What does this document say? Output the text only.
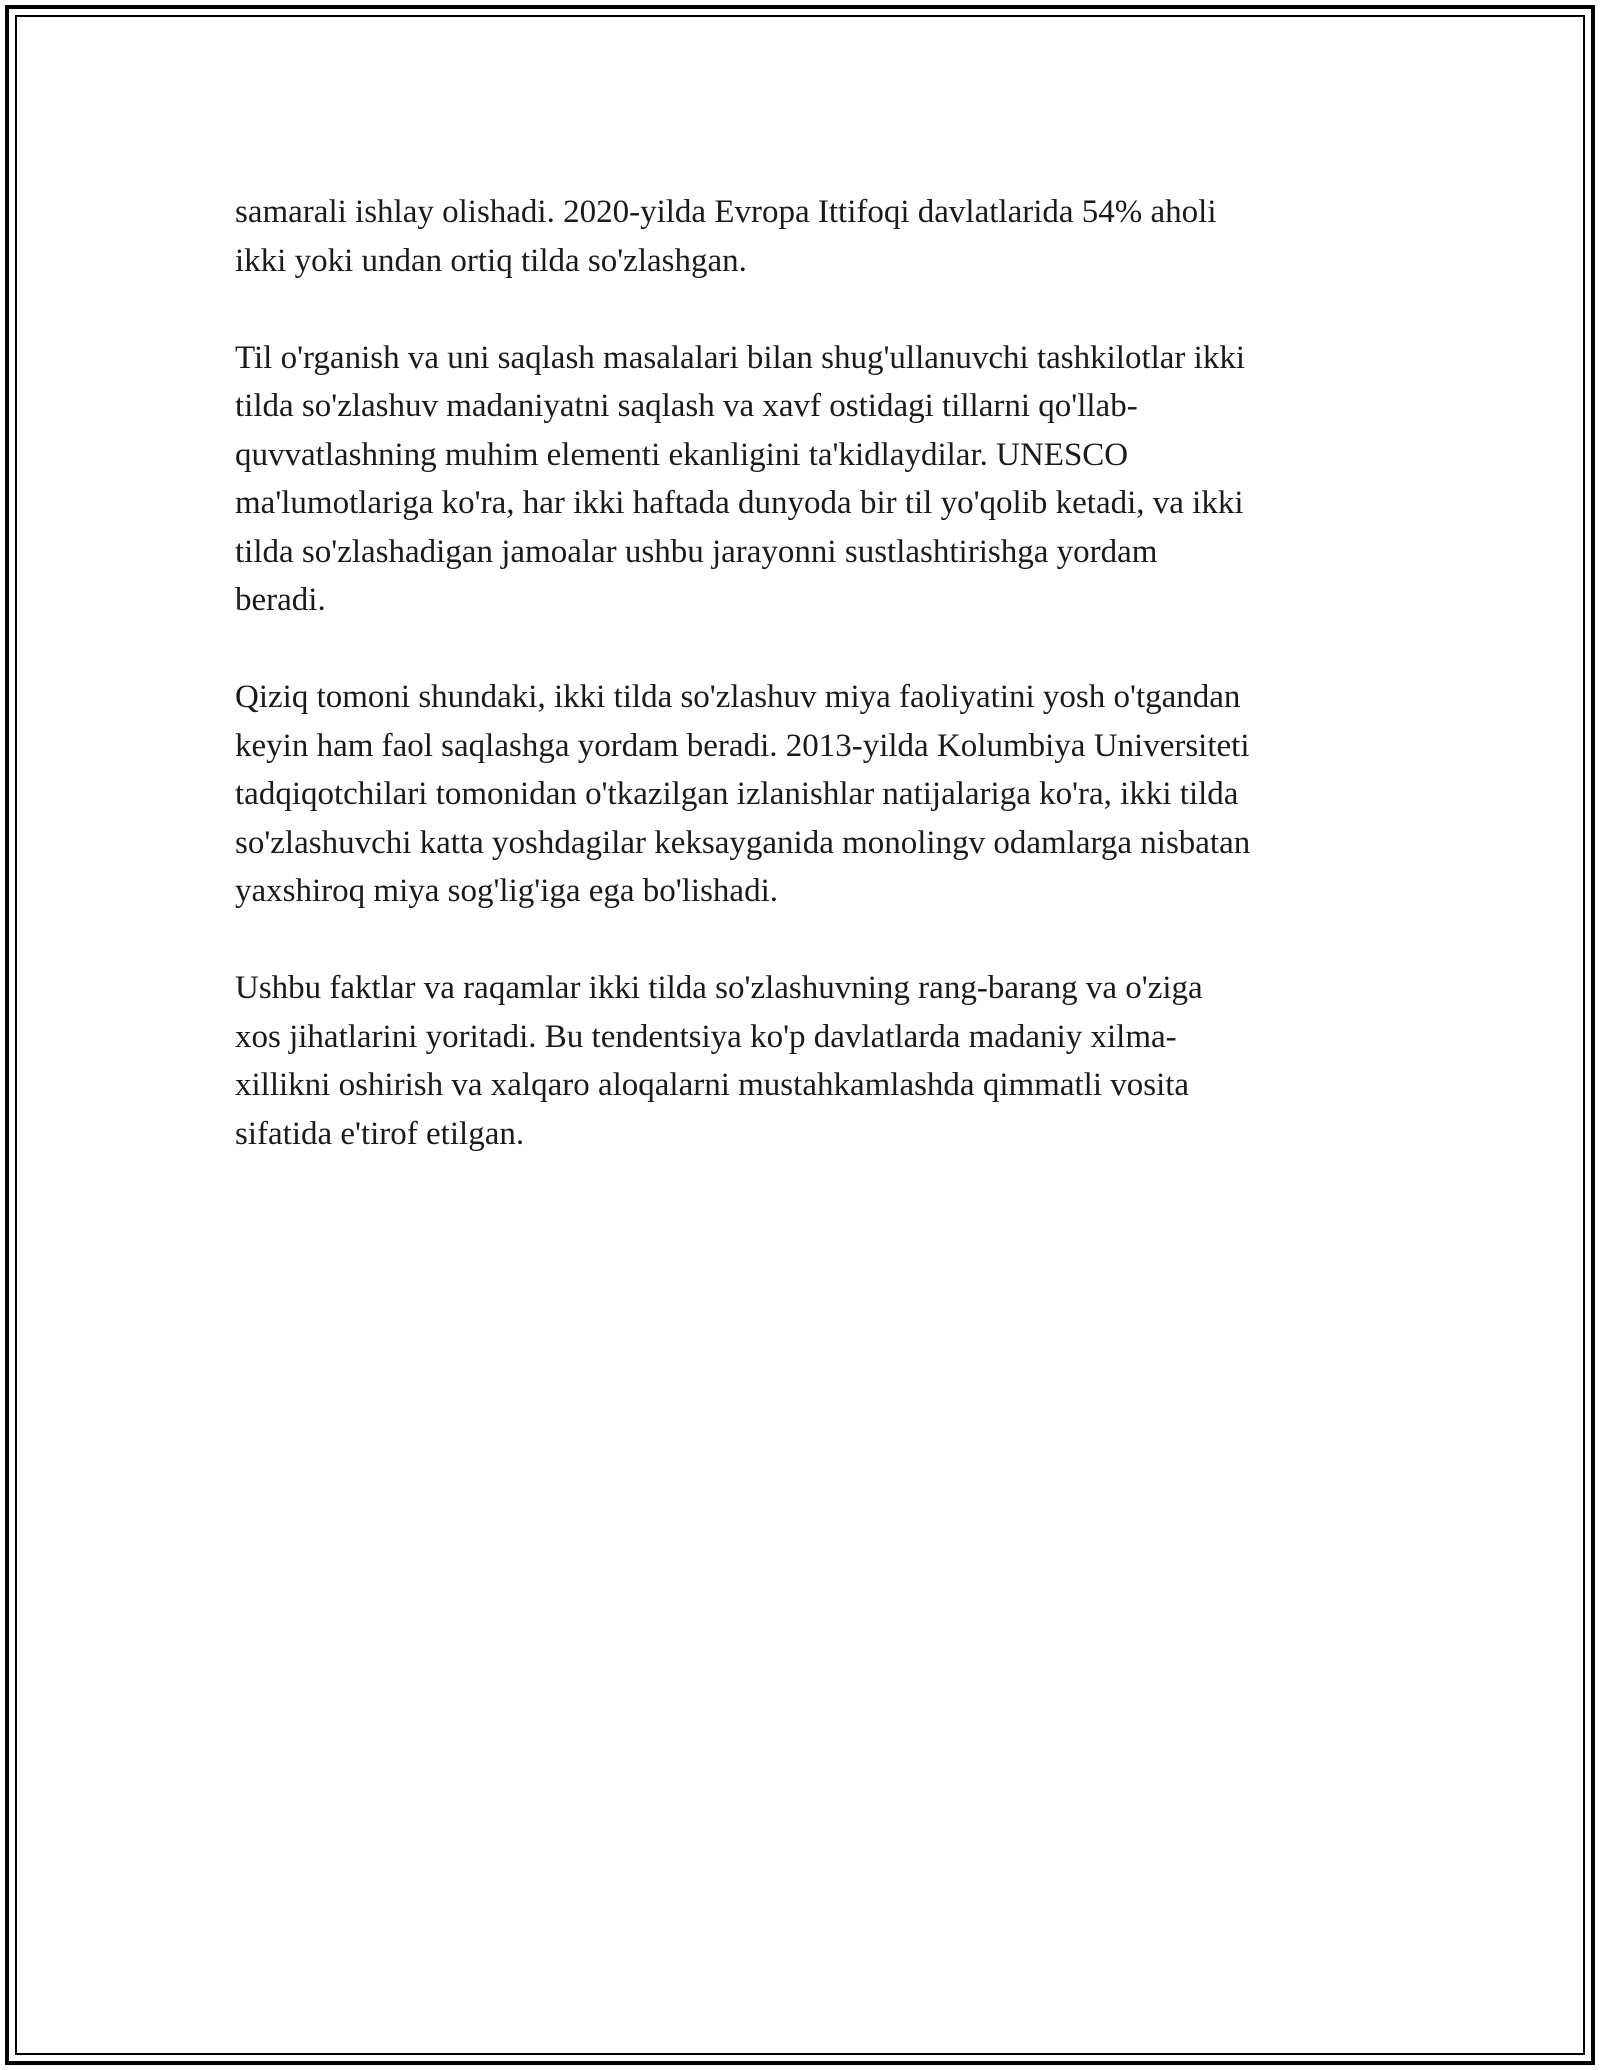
samarali ishlay olishadi. 2020-yilda Evropa Ittifoqi davlatlarida 54% aholi
ikki yoki undan ortiq tilda so'zlashgan.

Til o'rganish va uni saqlash masalalari bilan shug'ullanuvchi tashkilotlar ikki
tilda so'zlashuv madaniyatni saqlash va xavf ostidagi tillarni qo'llab-
quvvatlashning muhim elementi ekanligini ta'kidlaydilar. UNESCO
ma'lumotlariga ko'ra, har ikki haftada dunyoda bir til yo'qolib ketadi, va ikki
tilda so'zlashadigan jamoalar ushbu jarayonni sustlashtirishga yordam
beradi.

Qiziq tomoni shundaki, ikki tilda so'zlashuv miya faoliyatini yosh o'tgandan
keyin ham faol saqlashga yordam beradi. 2013-yilda Kolumbiya Universiteti
tadqiqotchilari tomonidan o'tkazilgan izlanishlar natijalariga ko'ra, ikki tilda
so'zlashuvchi katta yoshdagilar keksayganida monolingv odamlarga nisbatan
yaxshiroq miya sog'lig'iga ega bo'lishadi.

Ushbu faktlar va raqamlar ikki tilda so'zlashuvning rang-barang va o'ziga
xos jihatlarini yoritadi. Bu tendentsiya ko'p davlatlarda madaniy xilma-
xillikni oshirish va xalqaro aloqalarni mustahkamlashda qimmatli vosita
sifatida e'tirof etilgan.
